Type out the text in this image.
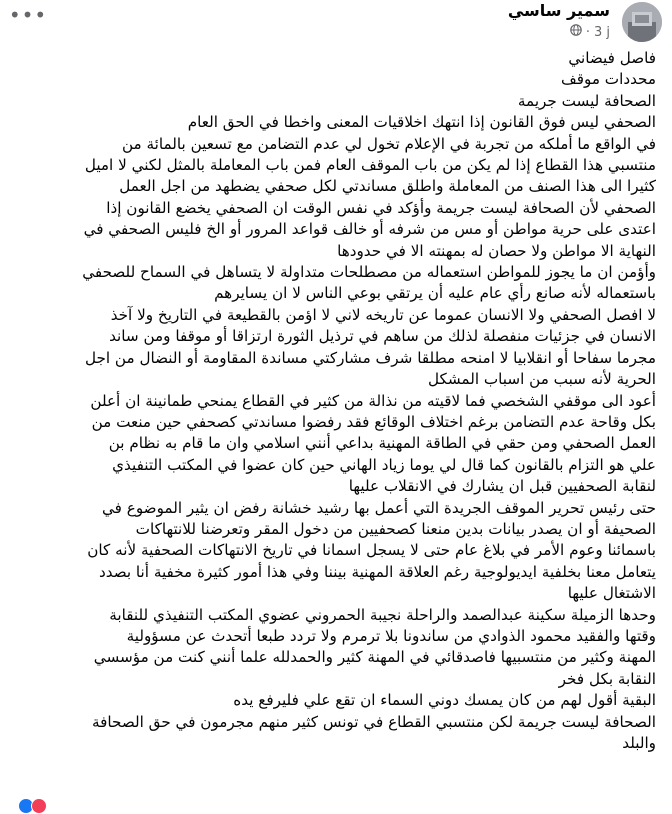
•••	سمير ساسي
· 3 j

فاصل فيضاني

محددات موقف

الصحافة ليست جريمة

الصحفي ليس فوق القانون إذا انتهك اخلاقيات المعنى واخطا في الحق العام

في الواقع ما أملكه من تجربة في الإعلام تخول لي عدم التضامن مع تسعين بالمائة من

منتسبي هذا القطاع إذا لم يكن من باب الموقف العام فمن باب المعاملة بالمثل لكني لا اميل

كثيرا الى هذا الصنف من المعاملة واطلق مساندتي لكل صحفي يضطهد من اجل العمل

الصحفي لأن الصحافة ليست جريمة وأؤكد في نفس الوقت ان الصحفي يخضع القانون إذا

اعتدى على حرية مواطن أو مس من شرفه أو خالف قواعد المرور أو الخ فليس الصحفي في

النهاية الا مواطن ولا حصان له بمهنته الا في حدودها

وأؤمن ان ما يجوز للمواطن استعماله من مصطلحات متداولة لا يتساهل في السماح للصحفي

باستعماله لأنه صانع رأي عام عليه أن يرتقي بوعي الناس لا ان يسايرهم

لا افصل الصحفي ولا الانسان عموما عن تاريخه لاني لا اؤمن بالقطيعة في التاريخ ولا آخذ

الانسان في جزئيات منفصلة لذلك من ساهم في ترذيل الثورة ارتزاقا أو موقفا ومن ساند

مجرما سفاحا أو انقلابيا لا امنحه مطلقا شرف مشاركتي مساندة المقاومة أو النضال من اجل

الحرية لأنه سبب من اسباب المشكل

أعود الى موقفي الشخصي فما لاقيته من نذالة من كثير في القطاع يمنحي طمانينة ان أعلن

بكل وقاحة عدم التضامن برغم اختلاف الوقائع فقد رفضوا مساندتي كصحفي حين منعت من

العمل الصحفي ومن حقي في الطاقة المهنية بداعي أنني اسلامي وان ما قام به نظام بن

علي هو التزام بالقانون كما قال لي يوما زياد الهاني حين كان عضوا في المكتب التنفيذي

لنقابة الصحفيين قبل ان يشارك في الانقلاب عليها

حتى رئيس تحرير الموقف الجريدة التي أعمل بها رشيد خشانة رفض ان يثير الموضوع في

الصحيفة أو ان يصدر بيانات بدين منعنا كصحفيين من دخول المقر وتعرضنا للانتهاكات

باسمائنا وعوم الأمر في بلاغ عام حتى لا يسجل اسمانا في تاريخ الانتهاكات الصحفية لأنه كان

يتعامل معنا بخلفية ايديولوجية رغم العلاقة المهنية بيننا وفي هذا أمور كثيرة مخفية أنا بصدد

الاشتغال عليها

وحدها الزميلة سكينة عبدالصمد والراحلة نجيبة الحمروني عضوي المكتب التنفيذي للنقابة

وقتها والفقيد محمود الذوادي من ساندونا بلا ترمرم ولا تردد طبعا أتحدث عن مسؤولية

المهنة وكثير من منتسبيها فاصدقائي في المهنة كثير والحمدلله علما أنني كنت من مؤسسي

النقابة بكل فخر

البقية أقول لهم من كان يمسك دوني السماء ان تقع علي فليرفع يده

الصحافة ليست جريمة لكن منتسبي القطاع في تونس كثير منهم مجرمون في حق الصحافة

والبلد
